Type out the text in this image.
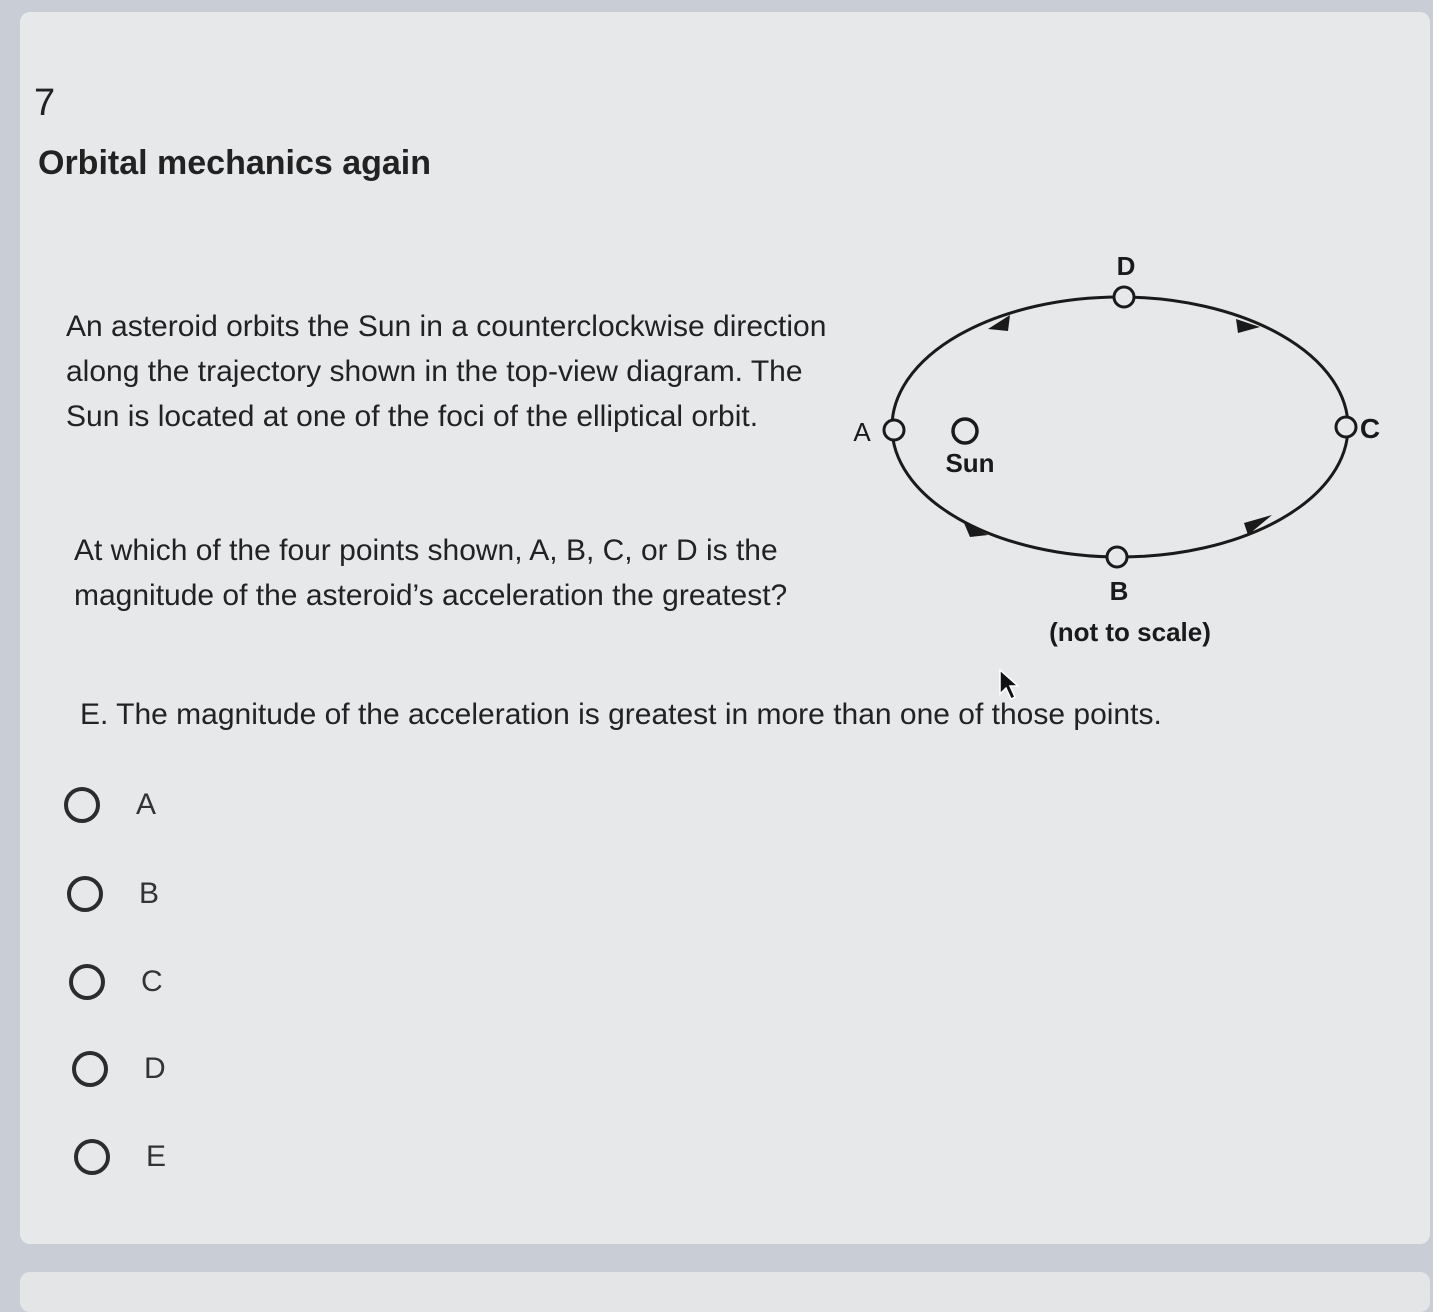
7
Orbital mechanics again

An asteroid orbits the Sun in a counterclockwise direction along the trajectory shown in the top-view diagram. The Sun is located at one of the foci of the elliptical orbit.

At which of the four points shown, A, B, C, or D is the magnitude of the asteroid’s acceleration the greatest?

D
A	C
Sun
B
(not to scale)
E. The magnitude of the acceleration is greatest in more than one of those points.
A
B
C
D
E
